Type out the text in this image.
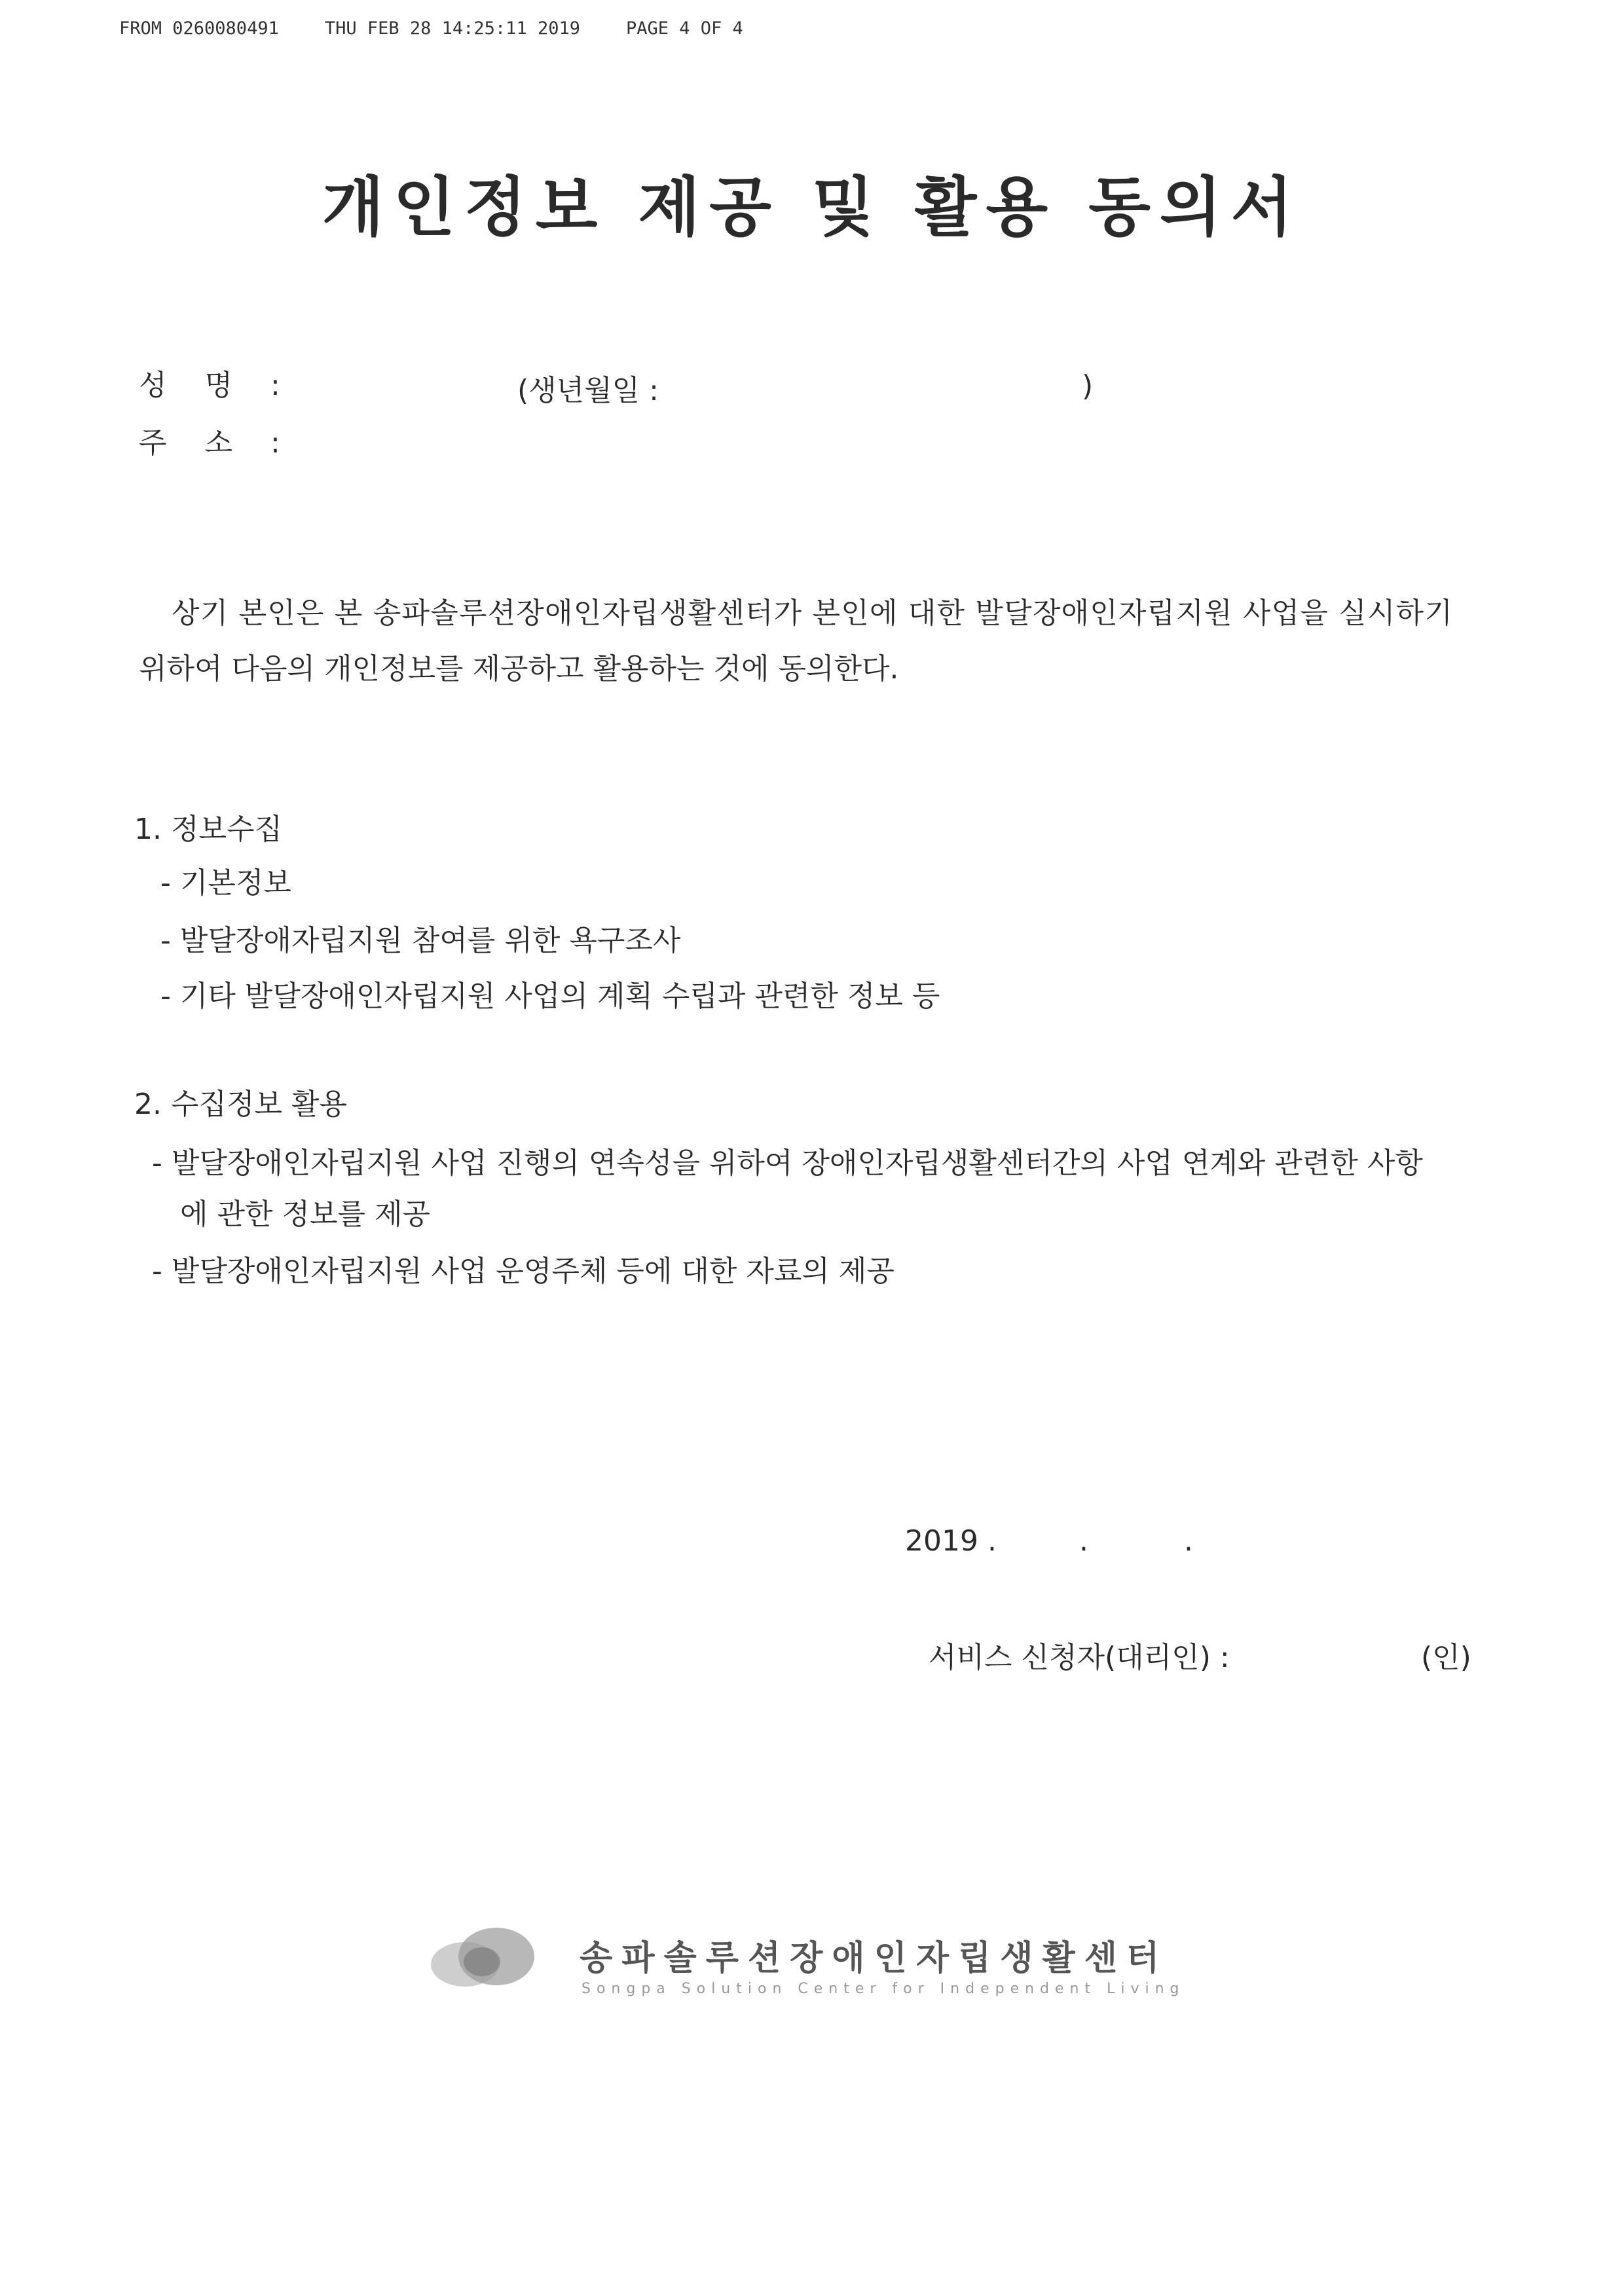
FROM 0260080491	THU FEB 28 14:25:11 2019	PAGE 4 OF 4
개인정보 제공 및 활용 동의서
성 명 :	(생년월일 :	)
주 소 :
상기 본인은 본 송파솔루션장애인자립생활센터가 본인에 대한 발달장애인자립지원 사업을 실시하기
위하여 다음의 개인정보를 제공하고 활용하는 것에 동의한다.
1. 정보수집
- 기본정보
- 발달장애자립지원 참여를 위한 욕구조사
- 기타 발달장애인자립지원 사업의 계획 수립과 관련한 정보 등
2. 수집정보 활용
- 발달장애인자립지원 사업 진행의 연속성을 위하여 장애인자립생활센터간의 사업 연계와 관련한 사항
에 관한 정보를 제공
- 발달장애인자립지원 사업 운영주체 등에 대한 자료의 제공
2019 .	.	.
서비스 신청자(대리인) :	(인)
송파솔루션장애인자립생활센터
Songpa Solution Center for Independent Living
